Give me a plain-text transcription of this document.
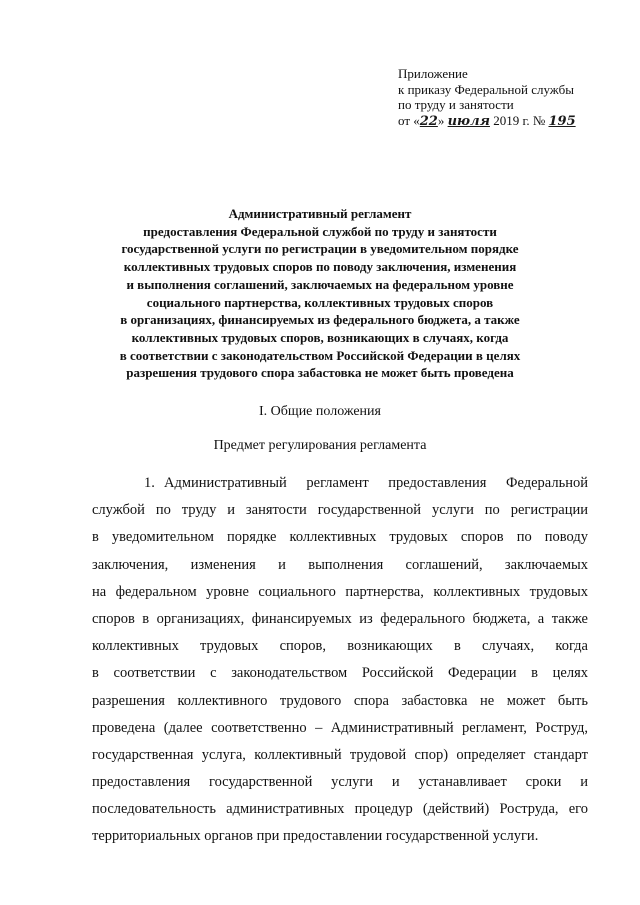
Приложение
к приказу Федеральной службы
по труду и занятости
от «22» июля 2019 г. № 195
Административный регламент
предоставления Федеральной службой по труду и занятости
государственной услуги по регистрации в уведомительном порядке
коллективных трудовых споров по поводу заключения, изменения
и выполнения соглашений, заключаемых на федеральном уровне
социального партнерства, коллективных трудовых споров
в организациях, финансируемых из федерального бюджета, а также
коллективных трудовых споров, возникающих в случаях, когда
в соответствии с законодательством Российской Федерации в целях
разрешения трудового спора забастовка не может быть проведена
I. Общие положения
Предмет регулирования регламента
1. Административный регламент предоставления Федеральной
службой по труду и занятости государственной услуги по регистрации
в уведомительном порядке коллективных трудовых споров по поводу
заключения, изменения и выполнения соглашений, заключаемых
на федеральном уровне социального партнерства, коллективных трудовых
споров в организациях, финансируемых из федерального бюджета, а также
коллективных трудовых споров, возникающих в случаях, когда
в соответствии с законодательством Российской Федерации в целях
разрешения коллективного трудового спора забастовка не может быть
проведена (далее соответственно – Административный регламент, Роструд,
государственная услуга, коллективный трудовой спор) определяет стандарт
предоставления государственной услуги и устанавливает сроки и
последовательность административных процедур (действий) Роструда, его
территориальных органов при предоставлении государственной услуги.
